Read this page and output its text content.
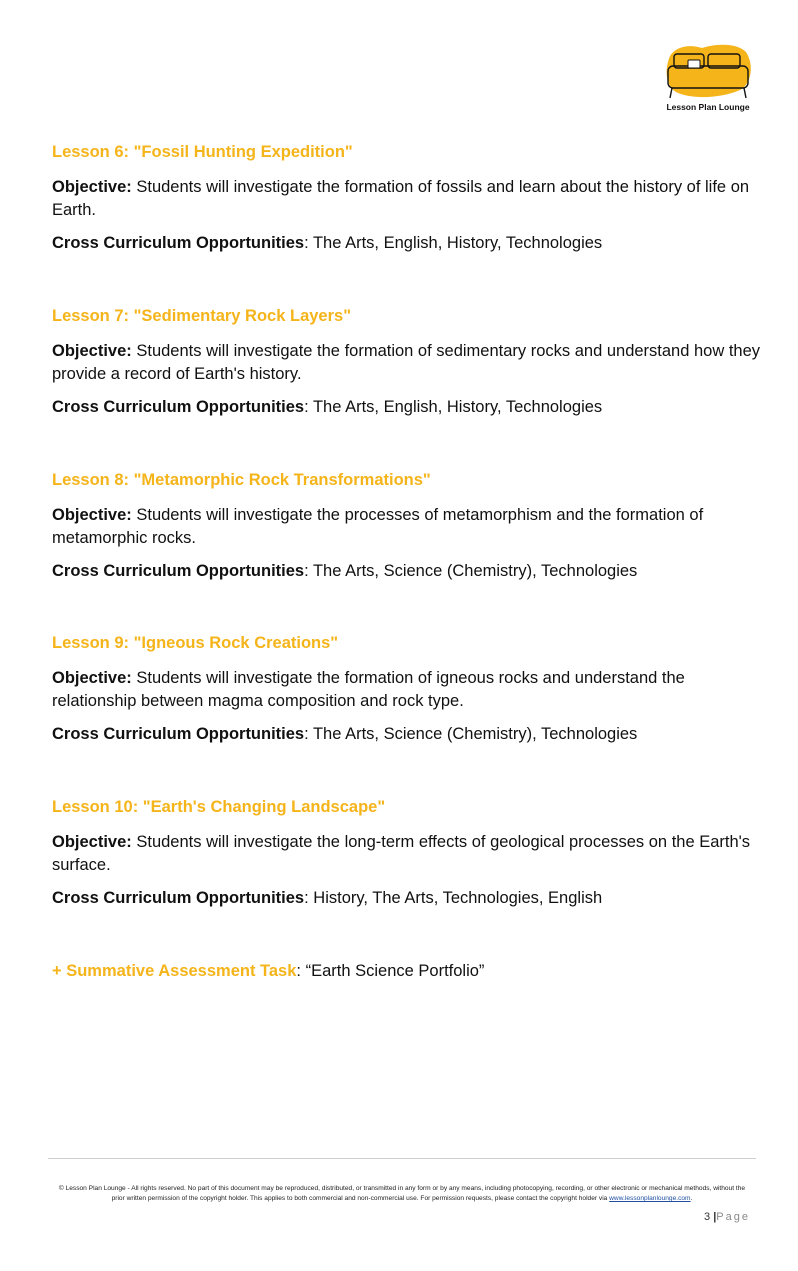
Lesson Plan Lounge

Lesson 6: "Fossil Hunting Expedition"

Objective: Students will investigate the formation of fossils and learn about the history of life on Earth.

Cross Curriculum Opportunities: The Arts, English, History, Technologies

Lesson 7: "Sedimentary Rock Layers"

Objective: Students will investigate the formation of sedimentary rocks and understand how they provide a record of Earth's history.

Cross Curriculum Opportunities: The Arts, English, History, Technologies

Lesson 8: "Metamorphic Rock Transformations"

Objective: Students will investigate the processes of metamorphism and the formation of metamorphic rocks.

Cross Curriculum Opportunities: The Arts, Science (Chemistry), Technologies

Lesson 9: "Igneous Rock Creations"

Objective: Students will investigate the formation of igneous rocks and understand the relationship between magma composition and rock type.

Cross Curriculum Opportunities: The Arts, Science (Chemistry), Technologies

Lesson 10: "Earth's Changing Landscape"

Objective: Students will investigate the long-term effects of geological processes on the Earth's surface.

Cross Curriculum Opportunities: History, The Arts, Technologies, English

+ Summative Assessment Task: “Earth Science Portfolio”
© Lesson Plan Lounge - All rights reserved. No part of this document may be reproduced, distributed, or transmitted in any form or by any means, including photocopying, recording, or other electronic or mechanical methods, without the prior written permission of the copyright holder. This applies to both commercial and non-commercial use. For permission requests, please contact the copyright holder via www.lessonplanlounge.com.
3 |Page
